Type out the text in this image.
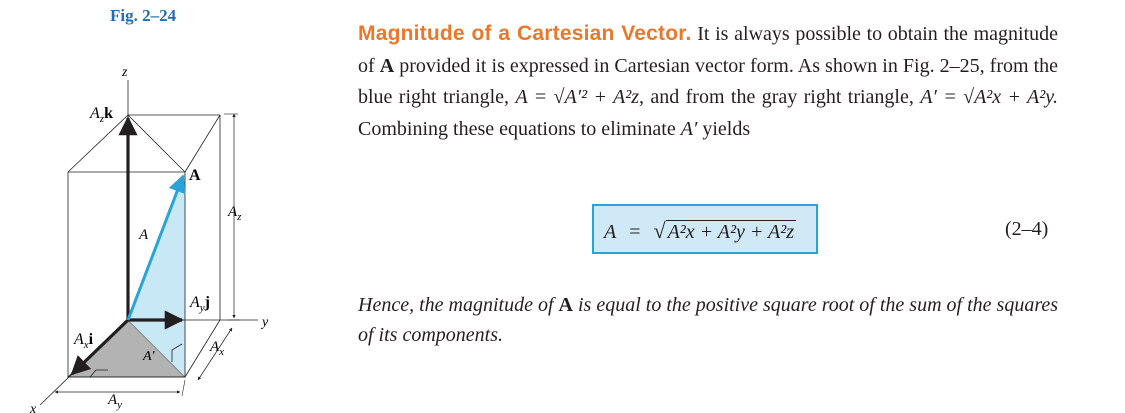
Fig. 2–24
z
y
x
$A_zk$
A
A
$A_z$
$A_yj$
$A_xi$
A′
$A_x$
$A_y$

Magnitude of a Cartesian Vector. It is always possible to obtain the magnitude of A provided it is expressed in Cartesian vector form. As shown in Fig. 2–25, from the blue right triangle, A = √A′² + A²z, and from the gray right triangle, A′ = √A²x + A²y. Combining these equations to eliminate A′ yields

A = √ A²x + A²y + A²z	(2–4)

Hence, the magnitude of A is equal to the positive square root of the sum of the squares of its components.
